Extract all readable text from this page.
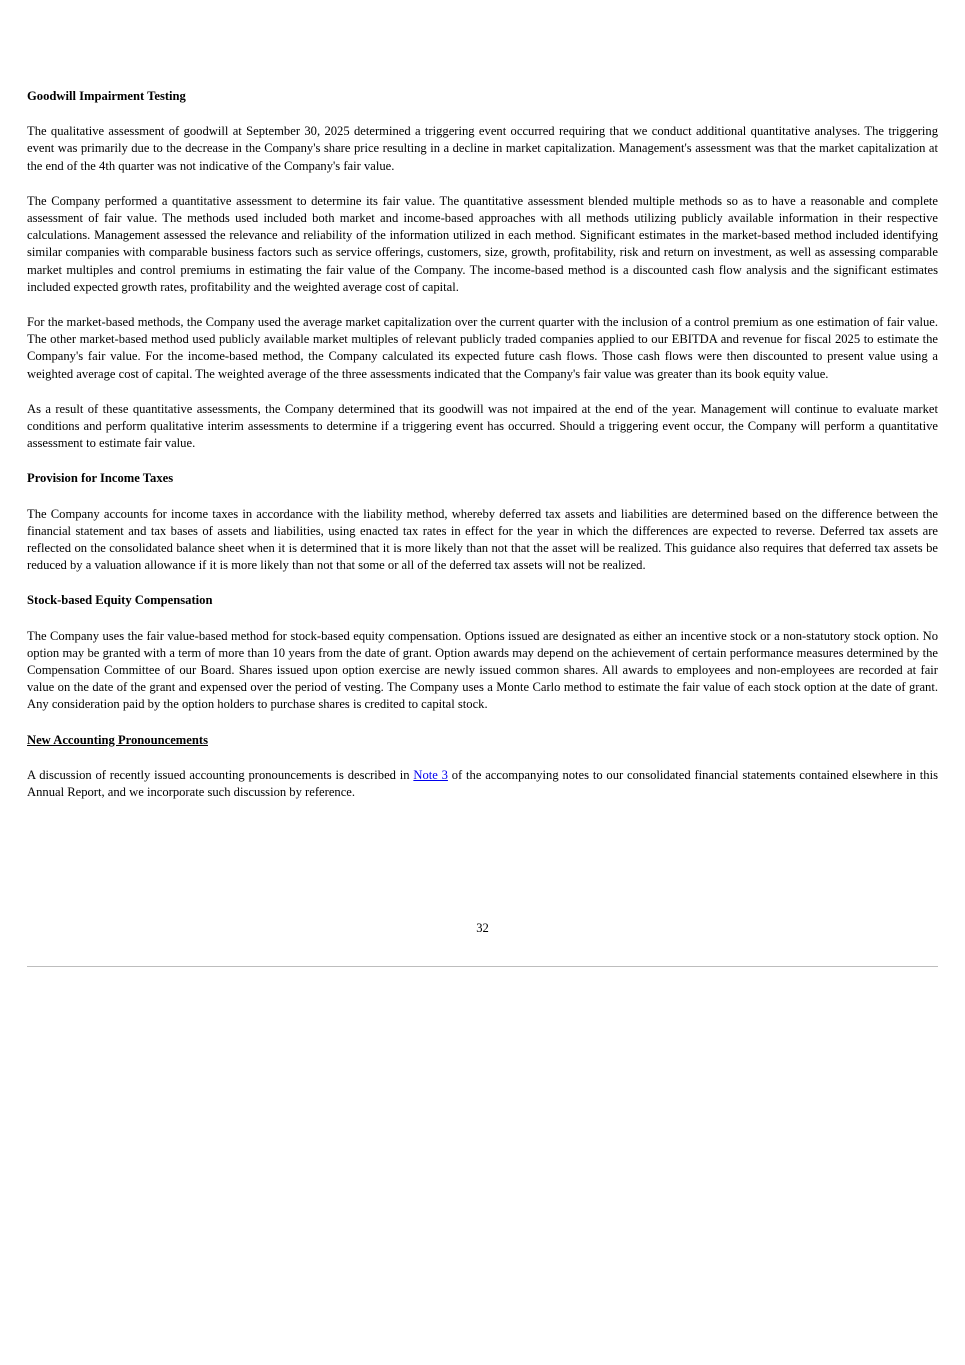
Goodwill Impairment Testing

The qualitative assessment of goodwill at September 30, 2025 determined a triggering event occurred requiring that we conduct additional quantitative analyses. The triggering event was primarily due to the decrease in the Company's share price resulting in a decline in market capitalization. Management's assessment was that the market capitalization at the end of the 4th quarter was not indicative of the Company's fair value.

The Company performed a quantitative assessment to determine its fair value. The quantitative assessment blended multiple methods so as to have a reasonable and complete assessment of fair value. The methods used included both market and income-based approaches with all methods utilizing publicly available information in their respective calculations. Management assessed the relevance and reliability of the information utilized in each method. Significant estimates in the market-based method included identifying similar companies with comparable business factors such as service offerings, customers, size, growth, profitability, risk and return on investment, as well as assessing comparable market multiples and control premiums in estimating the fair value of the Company. The income-based method is a discounted cash flow analysis and the significant estimates included expected growth rates, profitability and the weighted average cost of capital.

For the market-based methods, the Company used the average market capitalization over the current quarter with the inclusion of a control premium as one estimation of fair value. The other market-based method used publicly available market multiples of relevant publicly traded companies applied to our EBITDA and revenue for fiscal 2025 to estimate the Company's fair value. For the income-based method, the Company calculated its expected future cash flows. Those cash flows were then discounted to present value using a weighted average cost of capital. The weighted average of the three assessments indicated that the Company's fair value was greater than its book equity value.

As a result of these quantitative assessments, the Company determined that its goodwill was not impaired at the end of the year. Management will continue to evaluate market conditions and perform qualitative interim assessments to determine if a triggering event has occurred. Should a triggering event occur, the Company will perform a quantitative assessment to estimate fair value.

Provision for Income Taxes

The Company accounts for income taxes in accordance with the liability method, whereby deferred tax assets and liabilities are determined based on the difference between the financial statement and tax bases of assets and liabilities, using enacted tax rates in effect for the year in which the differences are expected to reverse. Deferred tax assets are reflected on the consolidated balance sheet when it is determined that it is more likely than not that the asset will be realized. This guidance also requires that deferred tax assets be reduced by a valuation allowance if it is more likely than not that some or all of the deferred tax assets will not be realized.

Stock-based Equity Compensation

The Company uses the fair value-based method for stock-based equity compensation. Options issued are designated as either an incentive stock or a non-statutory stock option. No option may be granted with a term of more than 10 years from the date of grant. Option awards may depend on the achievement of certain performance measures determined by the Compensation Committee of our Board. Shares issued upon option exercise are newly issued common shares. All awards to employees and non-employees are recorded at fair value on the date of the grant and expensed over the period of vesting. The Company uses a Monte Carlo method to estimate the fair value of each stock option at the date of grant. Any consideration paid by the option holders to purchase shares is credited to capital stock.

New Accounting Pronouncements

A discussion of recently issued accounting pronouncements is described in Note 3 of the accompanying notes to our consolidated financial statements contained elsewhere in this Annual Report, and we incorporate such discussion by reference.

32
